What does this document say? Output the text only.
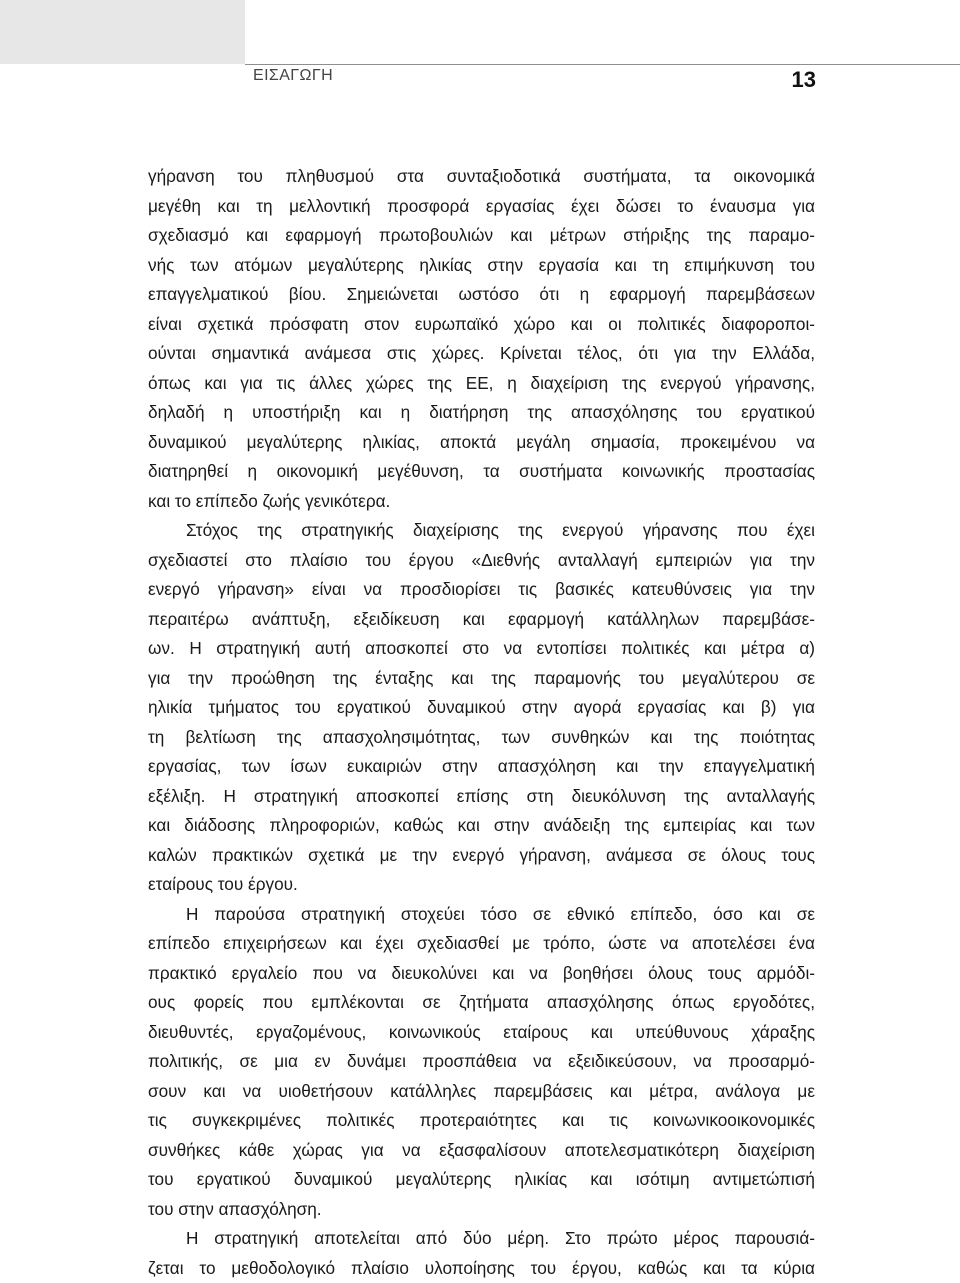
ΕΙΣΑΓΩΓΗ	13
γήρανση του πληθυσμού στα συνταξιοδοτικά συστήματα, τα οικονομικά
μεγέθη και τη μελλοντική προσφορά εργασίας έχει δώσει το έναυσμα για
σχεδιασμό και εφαρμογή πρωτοβουλιών και μέτρων στήριξης της παραμο-
νής των ατόμων μεγαλύτερης ηλικίας στην εργασία και τη επιμήκυνση του
επαγγελματικού βίου. Σημειώνεται ωστόσο ότι η εφαρμογή παρεμβάσεων
είναι σχετικά πρόσφατη στον ευρωπαϊκό χώρο και οι πολιτικές διαφοροποι-
ούνται σημαντικά ανάμεσα στις χώρες. Κρίνεται τέλος, ότι για την Ελλάδα,
όπως και για τις άλλες χώρες της ΕΕ, η διαχείριση της ενεργού γήρανσης,
δηλαδή η υποστήριξη και η διατήρηση της απασχόλησης του εργατικού
δυναμικού μεγαλύτερης ηλικίας, αποκτά μεγάλη σημασία, προκειμένου να
διατηρηθεί η οικονομική μεγέθυνση, τα συστήματα κοινωνικής προστασίας
και το επίπεδο ζωής γενικότερα.
Στόχος της στρατηγικής διαχείρισης της ενεργού γήρανσης που έχει
σχεδιαστεί στο πλαίσιο του έργου «Διεθνής ανταλλαγή εμπειριών για την
ενεργό γήρανση» είναι να προσδιορίσει τις βασικές κατευθύνσεις για την
περαιτέρω ανάπτυξη, εξειδίκευση και εφαρμογή κατάλληλων παρεμβάσε-
ων. Η στρατηγική αυτή αποσκοπεί στο να εντοπίσει πολιτικές και μέτρα α)
για την προώθηση της ένταξης και της παραμονής του μεγαλύτερου σε
ηλικία τμήματος του εργατικού δυναμικού στην αγορά εργασίας και β) για
τη βελτίωση της απασχολησιμότητας, των συνθηκών και της ποιότητας
εργασίας, των ίσων ευκαιριών στην απασχόληση και την επαγγελματική
εξέλιξη. Η στρατηγική αποσκοπεί επίσης στη διευκόλυνση της ανταλλαγής
και διάδοσης πληροφοριών, καθώς και στην ανάδειξη της εμπειρίας και των
καλών πρακτικών σχετικά με την ενεργό γήρανση, ανάμεσα σε όλους τους
εταίρους του έργου.
Η παρούσα στρατηγική στοχεύει τόσο σε εθνικό επίπεδο, όσο και σε
επίπεδο επιχειρήσεων και έχει σχεδιασθεί με τρόπο, ώστε να αποτελέσει ένα
πρακτικό εργαλείο που να διευκολύνει και να βοηθήσει όλους τους αρμόδι-
ους φορείς που εμπλέκονται σε ζητήματα απασχόλησης όπως εργοδότες,
διευθυντές, εργαζομένους, κοινωνικούς εταίρους και υπεύθυνους χάραξης
πολιτικής, σε μια εν δυνάμει προσπάθεια να εξειδικεύσουν, να προσαρμό-
σουν και να υιοθετήσουν κατάλληλες παρεμβάσεις και μέτρα, ανάλογα με
τις συγκεκριμένες πολιτικές προτεραιότητες και τις κοινωνικοοικονομικές
συνθήκες κάθε χώρας για να εξασφαλίσουν αποτελεσματικότερη διαχείριση
του εργατικού δυναμικού μεγαλύτερης ηλικίας και ισότιμη αντιμετώπισή
του στην απασχόληση.
Η στρατηγική αποτελείται από δύο μέρη. Στο πρώτο μέρος παρουσιά-
ζεται το μεθοδολογικό πλαίσιο υλοποίησης του έργου, καθώς και τα κύρια
